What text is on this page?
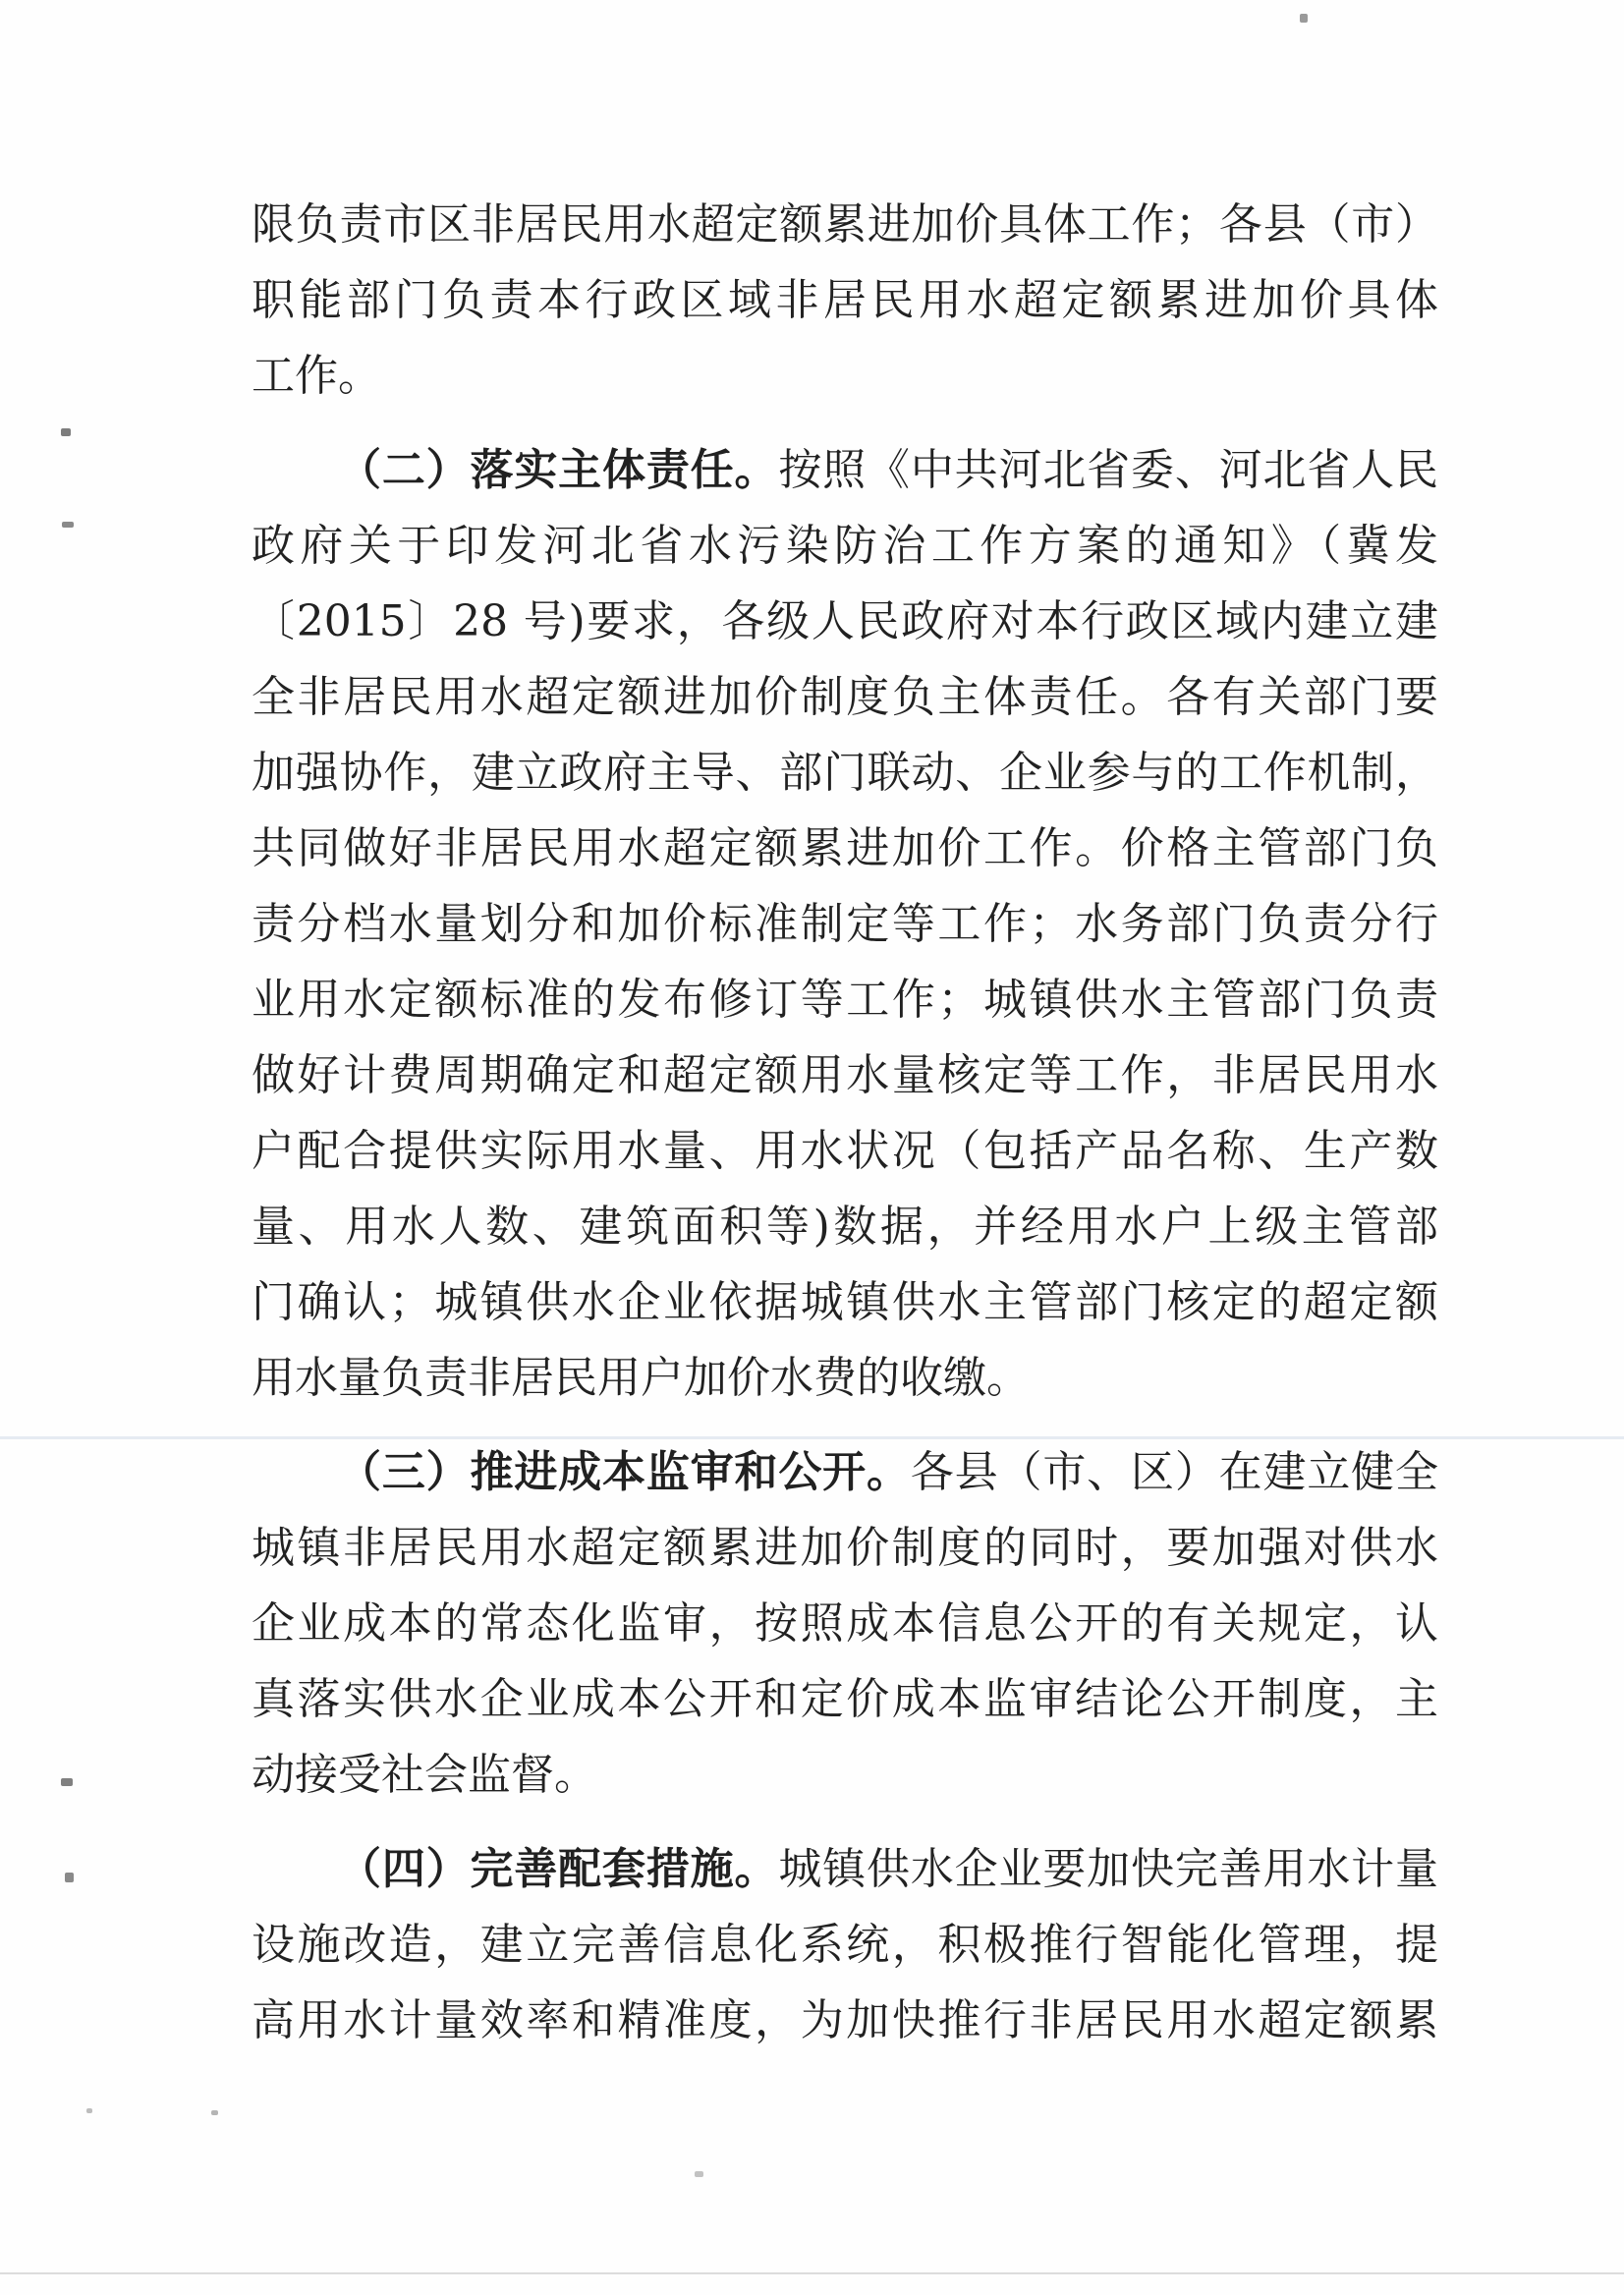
限负责市区非居民用水超定额累进加价具体工作；各县（市）
职能部门负责本行政区域非居民用水超定额累进加价具体
工作。
（二）落实主体责任。按照《中共河北省委、河北省人民
政府关于印发河北省水污染防治工作方案的通知》（冀发
〔2015〕28 号)要求，各级人民政府对本行政区域内建立建
全非居民用水超定额进加价制度负主体责任。各有关部门要
加强协作，建立政府主导、部门联动、企业参与的工作机制，
共同做好非居民用水超定额累进加价工作。价格主管部门负
责分档水量划分和加价标准制定等工作；水务部门负责分行
业用水定额标准的发布修订等工作；城镇供水主管部门负责
做好计费周期确定和超定额用水量核定等工作，非居民用水
户配合提供实际用水量、用水状况（包括产品名称、生产数
量、用水人数、建筑面积等)数据，并经用水户上级主管部
门确认；城镇供水企业依据城镇供水主管部门核定的超定额
用水量负责非居民用户加价水费的收缴。
（三）推进成本监审和公开。各县（市、区）在建立健全
城镇非居民用水超定额累进加价制度的同时，要加强对供水
企业成本的常态化监审，按照成本信息公开的有关规定，认
真落实供水企业成本公开和定价成本监审结论公开制度，主
动接受社会监督。
（四）完善配套措施。城镇供水企业要加快完善用水计量
设施改造，建立完善信息化系统，积极推行智能化管理，提
高用水计量效率和精准度，为加快推行非居民用水超定额累
